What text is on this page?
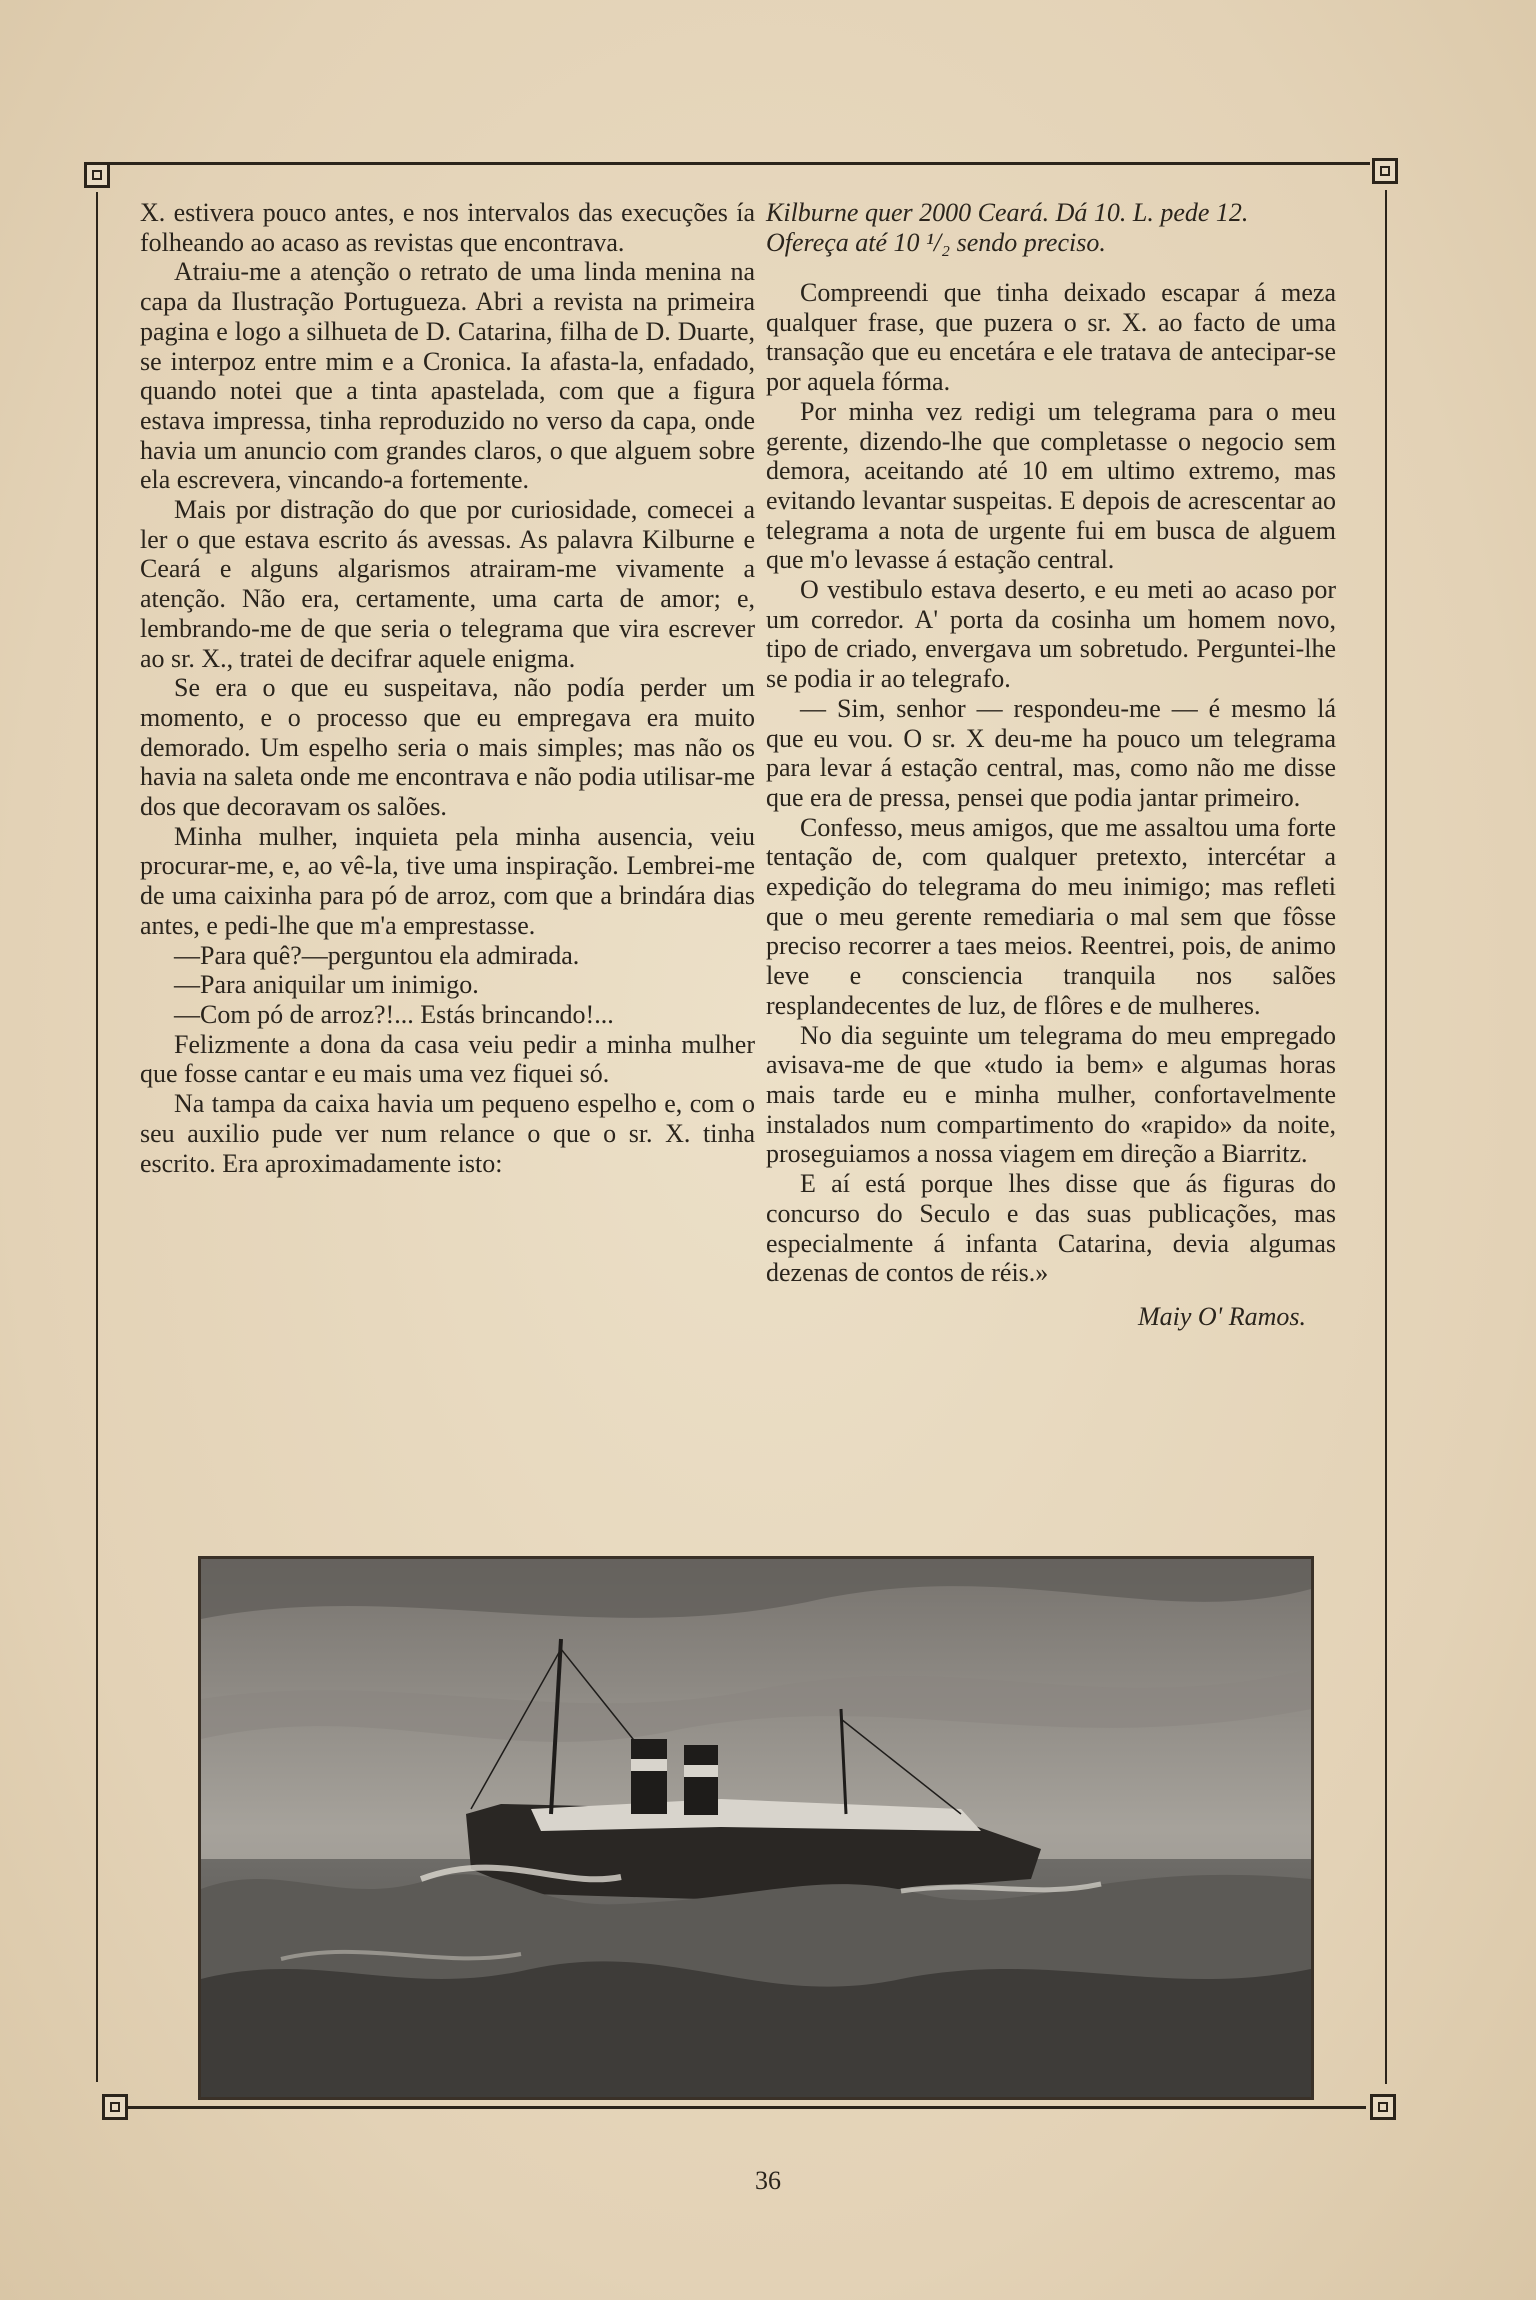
X. estivera pouco antes, e nos intervalos das execuções ía folheando ao acaso as revistas que encontrava.

Atraiu-me a atenção o retrato de uma linda menina na capa da Ilustração Portugueza. Abri a revista na primeira pagina e logo a silhueta de D. Catarina, filha de D. Duarte, se interpoz entre mim e a Cronica. Ia afasta-la, enfadado, quando notei que a tinta apastelada, com que a figura estava impressa, tinha reproduzido no verso da capa, onde havia um anuncio com grandes claros, o que alguem sobre ela escrevera, vincando-a fortemente.

Mais por distração do que por curiosidade, comecei a ler o que estava escrito ás avessas. As palavra Kilburne e Ceará e alguns algarismos atrairam-me vivamente a atenção. Não era, certamente, uma carta de amor; e, lembrando-me de que seria o telegrama que vira escrever ao sr. X., tratei de decifrar aquele enigma.

Se era o que eu suspeitava, não podía perder um momento, e o processo que eu empregava era muito demorado. Um espelho seria o mais simples; mas não os havia na saleta onde me encontrava e não podia utilisar-me dos que decoravam os salões.

Minha mulher, inquieta pela minha ausencia, veiu procurar-me, e, ao vê-la, tive uma inspiração. Lembrei-me de uma caixinha para pó de arroz, com que a brindára dias antes, e pedi-lhe que m'a emprestasse.

—Para quê?—perguntou ela admirada.

—Para aniquilar um inimigo.

—Com pó de arroz?!... Estás brincando!...

Felizmente a dona da casa veiu pedir a minha mulher que fosse cantar e eu mais uma vez fiquei só.

Na tampa da caixa havia um pequeno espelho e, com o seu auxilio pude ver num relance o que o sr. X. tinha escrito. Era aproximadamente isto:

Kilburne quer 2000 Ceará. Dá 10. L. pede 12.
Ofereça até 10 ¹/₂ sendo preciso.

Compreendi que tinha deixado escapar á meza qualquer frase, que puzera o sr. X. ao facto de uma transação que eu encetára e ele tratava de antecipar-se por aquela fórma.

Por minha vez redigi um telegrama para o meu gerente, dizendo-lhe que completasse o negocio sem demora, aceitando até 10 em ultimo extremo, mas evitando levantar suspeitas. E depois de acrescentar ao telegrama a nota de urgente fui em busca de alguem que m'o levasse á estação central.

O vestibulo estava deserto, e eu meti ao acaso por um corredor. A' porta da cosinha um homem novo, tipo de criado, envergava um sobretudo. Perguntei-lhe se podia ir ao telegrafo.

— Sim, senhor — respondeu-me — é mesmo lá que eu vou. O sr. X deu-me ha pouco um telegrama para levar á estação central, mas, como não me disse que era de pressa, pensei que podia jantar primeiro.

Confesso, meus amigos, que me assaltou uma forte tentação de, com qualquer pretexto, intercétar a expedição do telegrama do meu inimigo; mas refleti que o meu gerente remediaria o mal sem que fôsse preciso recorrer a taes meios. Reentrei, pois, de animo leve e consciencia tranquila nos salões resplandecentes de luz, de flôres e de mulheres.

No dia seguinte um telegrama do meu empregado avisava-me de que «tudo ia bem» e algumas horas mais tarde eu e minha mulher, confortavelmente instalados num compartimento do «rapido» da noite, proseguiamos a nossa viagem em direção a Biarritz.

E aí está porque lhes disse que ás figuras do concurso do Seculo e das suas publicações, mas especialmente á infanta Catarina, devia algumas dezenas de contos de réis.»

Maiy O' Ramos.
36
